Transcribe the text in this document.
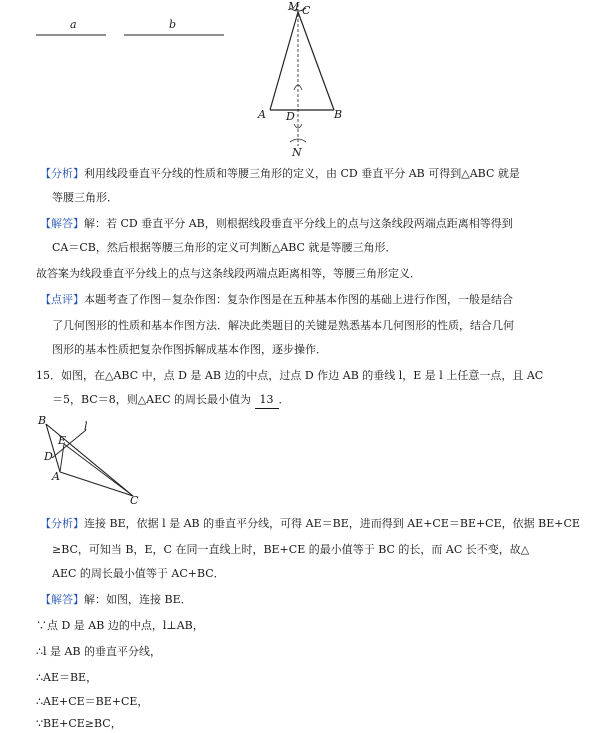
a	b
M C
A D	B
N
【分析】利用线段垂直平分线的性质和等腰三角形的定义，由 CD 垂直平分 AB 可得到△ABC 就是
等腰三角形．
【解答】解：若 CD 垂直平分 AB，则根据线段垂直平分线上的点与这条线段两端点距离相等得到
CA＝CB，然后根据等腰三角形的定义可判断△ABC 就是等腰三角形．
故答案为线段垂直平分线上的点与这条线段两端点距离相等，等腰三角形定义．
【点评】本题考查了作图－复杂作图：复杂作图是在五种基本作图的基础上进行作图，一般是结合
了几何图形的性质和基本作图方法．解决此类题目的关键是熟悉基本几何图形的性质，结合几何
图形的基本性质把复杂作图拆解成基本作图，逐步操作．
15．如图，在△ABC 中，点 D 是 AB 边的中点，过点 D 作边 AB 的垂线 l，E 是 l 上任意一点，且 AC
＝5，BC＝8，则△AEC 的周长最小值为 13 ．
B	l
E
D
A
C
【分析】连接 BE，依据 l 是 AB 的垂直平分线，可得 AE＝BE，进而得到 AE+CE＝BE+CE，依据 BE+CE
≥BC，可知当 B，E，C 在同一直线上时，BE+CE 的最小值等于 BC 的长，而 AC 长不变，故△
AEC 的周长最小值等于 AC+BC．
【解答】解：如图，连接 BE．
∵点 D 是 AB 边的中点，l⊥AB，
∴l 是 AB 的垂直平分线，
∴AE＝BE，
∴AE+CE＝BE+CE，
∵BE+CE≥BC，
